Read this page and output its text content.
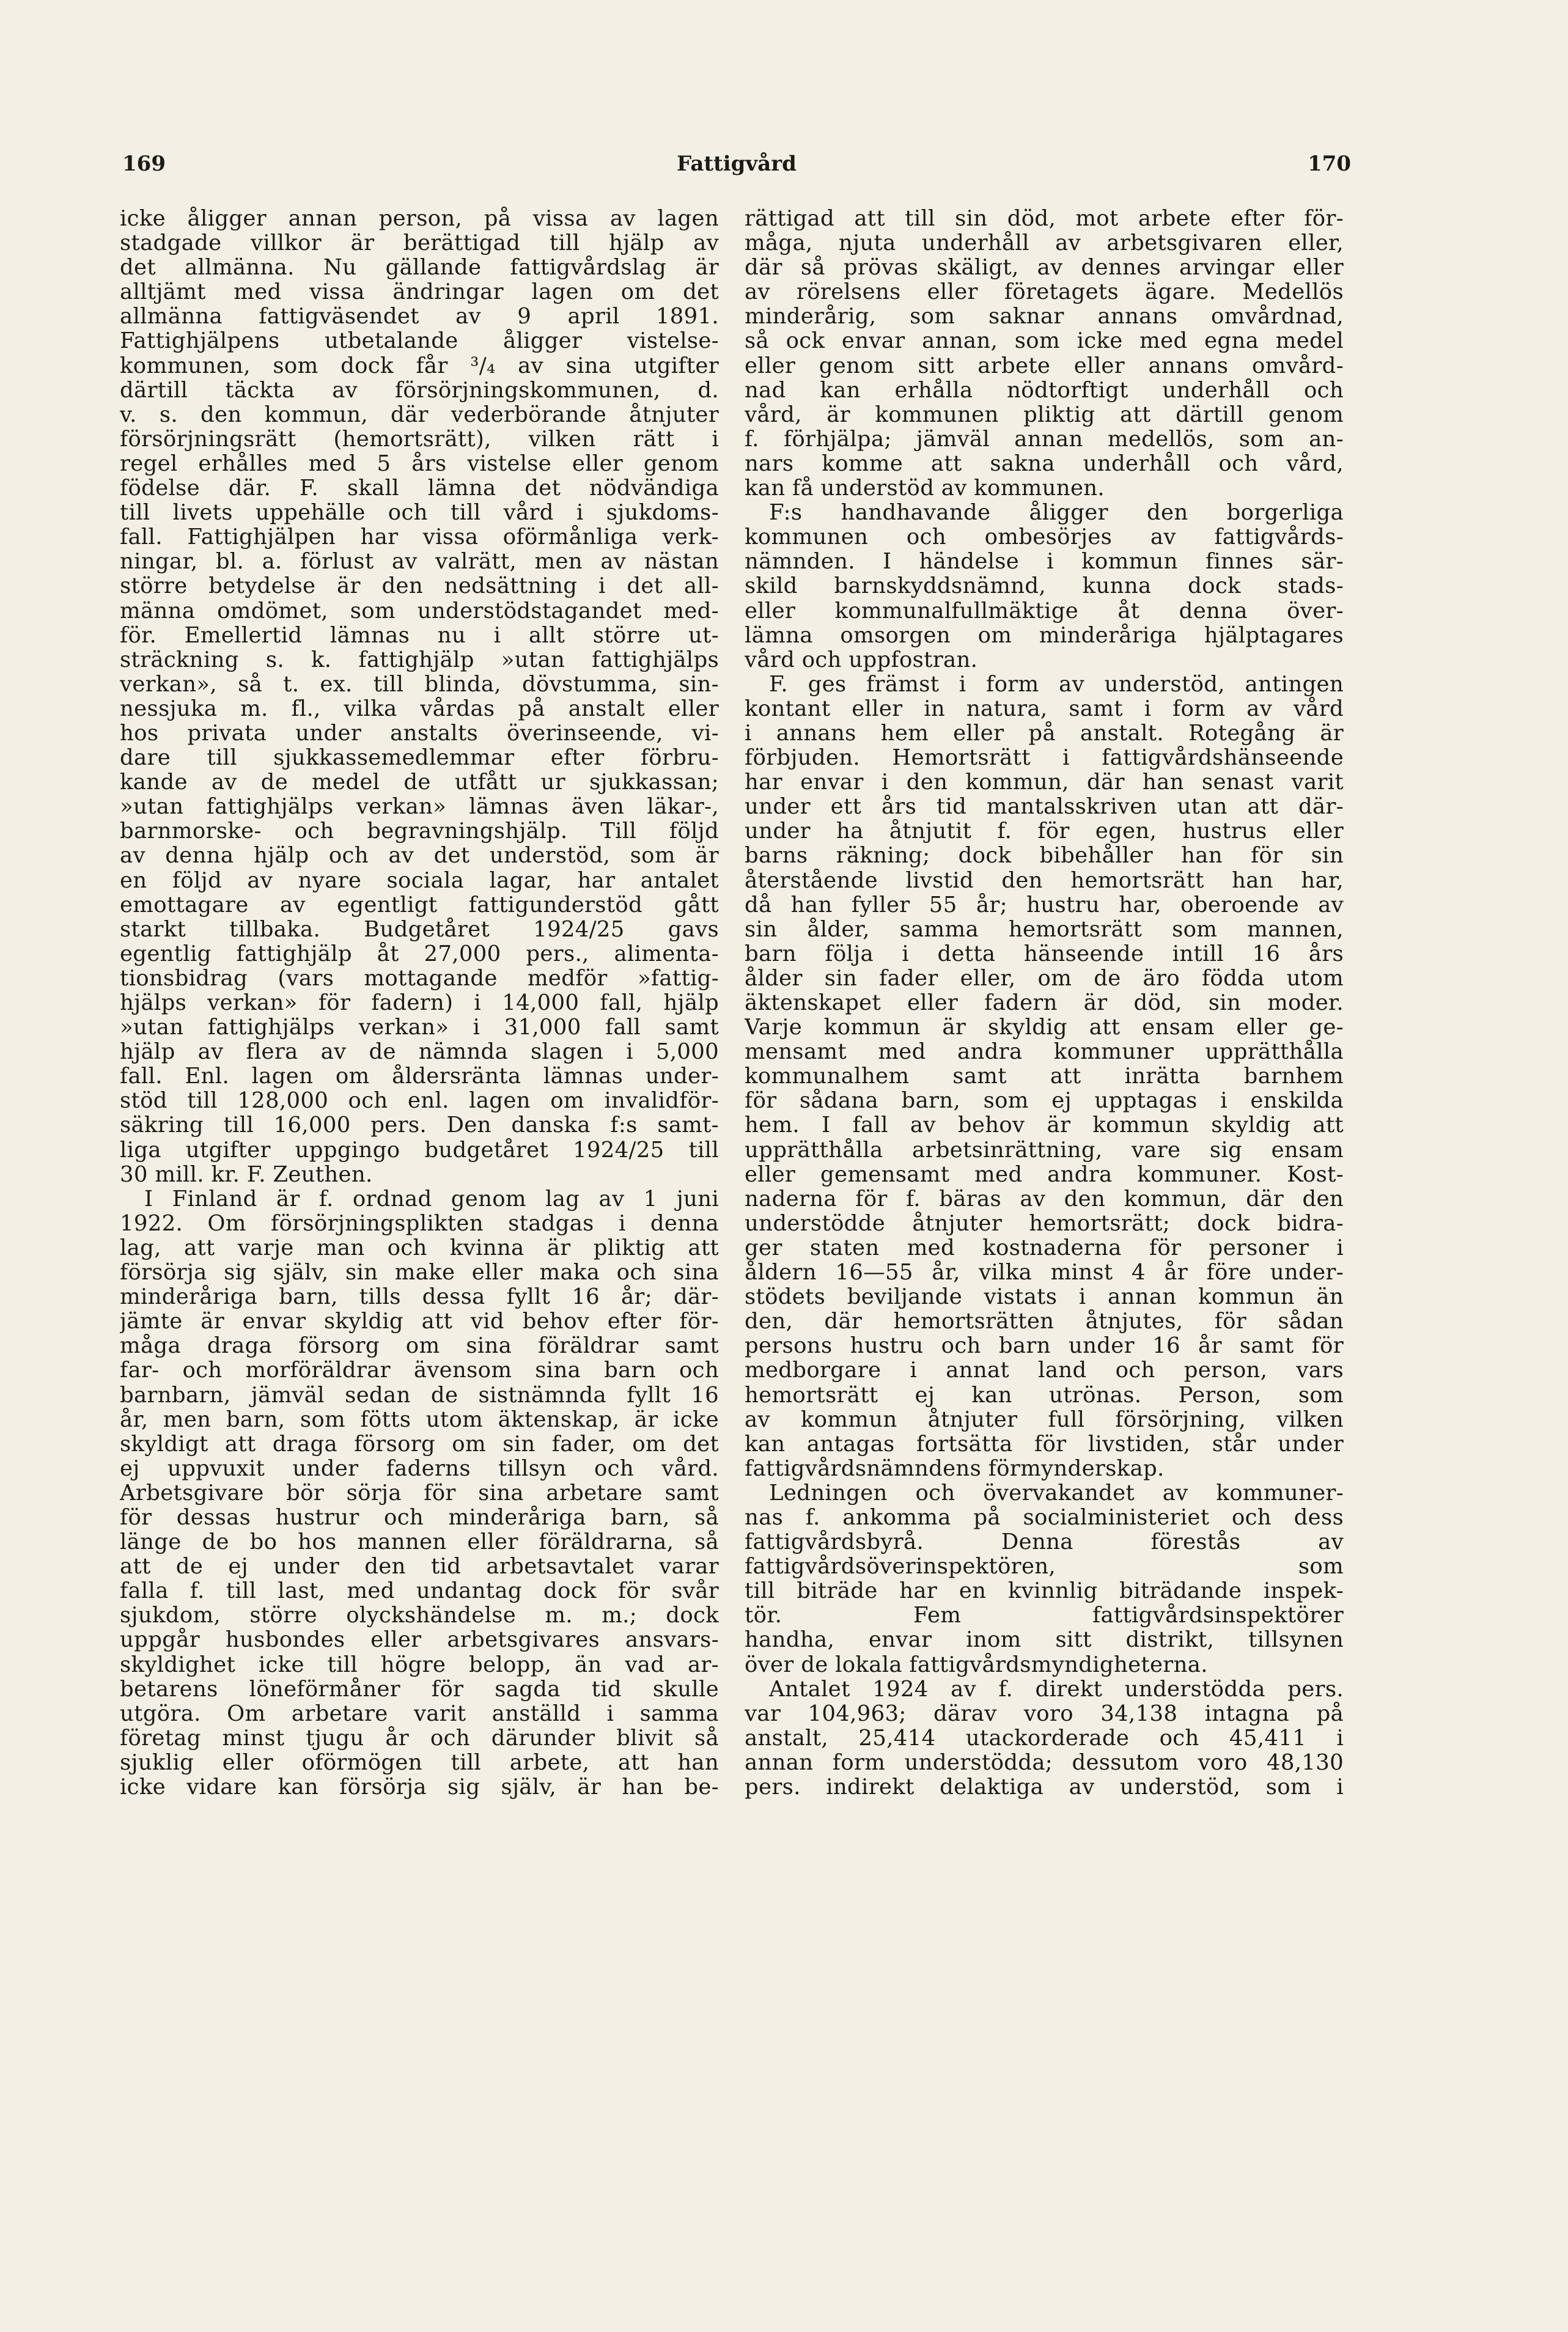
169	Fattigvård	170
icke åligger annan person, på vissa av lagen
stadgade villkor är berättigad till hjälp av
det allmänna. Nu gällande fattigvårdslag är
alltjämt med vissa ändringar lagen om det
allmänna fattigväsendet av 9 april 1891.
Fattighjälpens utbetalande åligger vistelse-
kommunen, som dock får ³/₄ av sina utgifter
därtill täckta av försörjningskommunen, d.
v. s. den kommun, där vederbörande åtnjuter
försörjningsrätt (hemortsrätt), vilken rätt i
regel erhålles med 5 års vistelse eller genom
födelse där. F. skall lämna det nödvändiga
till livets uppehälle och till vård i sjukdoms-
fall. Fattighjälpen har vissa oförmånliga verk-
ningar, bl. a. förlust av valrätt, men av nästan
större betydelse är den nedsättning i det all-
männa omdömet, som understödstagandet med-
för. Emellertid lämnas nu i allt större ut-
sträckning s. k. fattighjälp »utan fattighjälps
verkan», så t. ex. till blinda, dövstumma, sin-
nessjuka m. fl., vilka vårdas på anstalt eller
hos privata under anstalts överinseende, vi-
dare till sjukkassemedlemmar efter förbru-
kande av de medel de utfått ur sjukkassan;
»utan fattighjälps verkan» lämnas även läkar-,
barnmorske- och begravningshjälp. Till följd
av denna hjälp och av det understöd, som är
en följd av nyare sociala lagar, har antalet
emottagare av egentligt fattigunderstöd gått
starkt tillbaka. Budgetåret 1924/25 gavs
egentlig fattighjälp åt 27,000 pers., alimenta-
tionsbidrag (vars mottagande medför »fattig-
hjälps verkan» för fadern) i 14,000 fall, hjälp
»utan fattighjälps verkan» i 31,000 fall samt
hjälp av flera av de nämnda slagen i 5,000
fall. Enl. lagen om åldersränta lämnas under-
stöd till 128,000 och enl. lagen om invalidför-
säkring till 16,000 pers. Den danska f:s samt-
liga utgifter uppgingo budgetåret 1924/25 till
30 mill. kr. F. Zeuthen.
I Finland är f. ordnad genom lag av 1 juni
1922. Om försörjningsplikten stadgas i denna
lag, att varje man och kvinna är pliktig att
försörja sig själv, sin make eller maka och sina
minderåriga barn, tills dessa fyllt 16 år; där-
jämte är envar skyldig att vid behov efter för-
måga draga försorg om sina föräldrar samt
far- och morföräldrar ävensom sina barn och
barnbarn, jämväl sedan de sistnämnda fyllt 16
år, men barn, som fötts utom äktenskap, är icke
skyldigt att draga försorg om sin fader, om det
ej uppvuxit under faderns tillsyn och vård.
Arbetsgivare bör sörja för sina arbetare samt
för dessas hustrur och minderåriga barn, så
länge de bo hos mannen eller föräldrarna, så
att de ej under den tid arbetsavtalet varar
falla f. till last, med undantag dock för svår
sjukdom, större olyckshändelse m. m.; dock
uppgår husbondes eller arbetsgivares ansvars-
skyldighet icke till högre belopp, än vad ar-
betarens löneförmåner för sagda tid skulle
utgöra. Om arbetare varit anställd i samma
företag minst tjugu år och därunder blivit så
sjuklig eller oförmögen till arbete, att han
icke vidare kan försörja sig själv, är han be-
rättigad att till sin död, mot arbete efter för-
måga, njuta underhåll av arbetsgivaren eller,
där så prövas skäligt, av dennes arvingar eller
av rörelsens eller företagets ägare. Medellös
minderårig, som saknar annans omvårdnad,
så ock envar annan, som icke med egna medel
eller genom sitt arbete eller annans omvård-
nad kan erhålla nödtorftigt underhåll och
vård, är kommunen pliktig att därtill genom
f. förhjälpa; jämväl annan medellös, som an-
nars komme att sakna underhåll och vård,
kan få understöd av kommunen.
F:s handhavande åligger den borgerliga
kommunen och ombesörjes av fattigvårds-
nämnden. I händelse i kommun finnes sär-
skild barnskyddsnämnd, kunna dock stads-
eller kommunalfullmäktige åt denna över-
lämna omsorgen om minderåriga hjälptagares
vård och uppfostran.
F. ges främst i form av understöd, antingen
kontant eller in natura, samt i form av vård
i annans hem eller på anstalt. Rotegång är
förbjuden. Hemortsrätt i fattigvårdshänseende
har envar i den kommun, där han senast varit
under ett års tid mantalsskriven utan att där-
under ha åtnjutit f. för egen, hustrus eller
barns räkning; dock bibehåller han för sin
återstående livstid den hemortsrätt han har,
då han fyller 55 år; hustru har, oberoende av
sin ålder, samma hemortsrätt som mannen,
barn följa i detta hänseende intill 16 års
ålder sin fader eller, om de äro födda utom
äktenskapet eller fadern är död, sin moder.
Varje kommun är skyldig att ensam eller ge-
mensamt med andra kommuner upprätthålla
kommunalhem samt att inrätta barnhem
för sådana barn, som ej upptagas i enskilda
hem. I fall av behov är kommun skyldig att
upprätthålla arbetsinrättning, vare sig ensam
eller gemensamt med andra kommuner. Kost-
naderna för f. bäras av den kommun, där den
understödde åtnjuter hemortsrätt; dock bidra-
ger staten med kostnaderna för personer i
åldern 16—55 år, vilka minst 4 år före under-
stödets beviljande vistats i annan kommun än
den, där hemortsrätten åtnjutes, för sådan
persons hustru och barn under 16 år samt för
medborgare i annat land och person, vars
hemortsrätt ej kan utrönas. Person, som
av kommun åtnjuter full försörjning, vilken
kan antagas fortsätta för livstiden, står under
fattigvårdsnämndens förmynderskap.
Ledningen och övervakandet av kommuner-
nas f. ankomma på socialministeriet och dess
fattigvårdsbyrå. Denna förestås av
fattigvårdsöverinspektören, som
till biträde har en kvinnlig biträdande inspek-
tör. Fem fattigvårdsinspektörer
handha, envar inom sitt distrikt, tillsynen
över de lokala fattigvårdsmyndigheterna.
Antalet 1924 av f. direkt understödda pers.
var 104,963; därav voro 34,138 intagna på
anstalt, 25,414 utackorderade och 45,411 i
annan form understödda; dessutom voro 48,130
pers. indirekt delaktiga av understöd, som i
